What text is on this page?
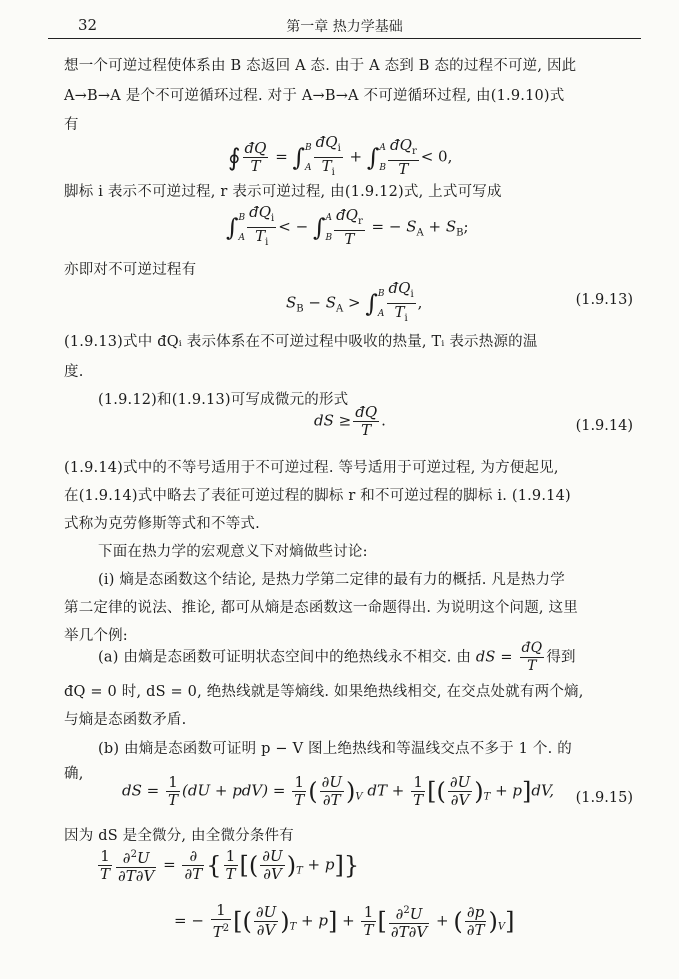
32	第一章 热力学基础
想一个可逆过程使体系由 B 态返回 A 态. 由于 A 态到 B 态的过程不可逆, 因此
A→B→A 是个不可逆循环过程. 对于 A→B→A 不可逆循环过程, 由(1.9.10)式
有
∮ $\frac{đQ}{T} = \int B$

A $\frac{đQ_i}{T_i} + \int A$

B $\frac{đQ_r}{T} < 0$,
脚标 i 表示不可逆过程, r 表示可逆过程, 由(1.9.12)式, 上式可写成
∫B

A $\frac{đQ_i}{T_i}$ < − ∫A

B $\frac{đQ_r}{T}$ = − $S_A + S_B$;
亦即对不可逆过程有
$S_B - S_A > \int B$

A $\frac{đQ_i}{T_i}$ ,	(1.9.13)
(1.9.13)式中 đQᵢ 表示体系在不可逆过程中吸收的热量, Tᵢ 表示热源的温
度.
(1.9.12)和(1.9.13)可写成微元的形式
dS ≥ $\frac{đQ}{T}$ .	(1.9.14)
(1.9.14)式中的不等号适用于不可逆过程. 等号适用于可逆过程, 为方便起见,
在(1.9.14)式中略去了表征可逆过程的脚标 r 和不可逆过程的脚标 i. (1.9.14)
式称为克劳修斯等式和不等式.
下面在热力学的宏观意义下对熵做些讨论:
(i) 熵是态函数这个结论, 是热力学第二定律的最有力的概括. 凡是热力学
第二定律的说法、推论, 都可从熵是态函数这一命题得出. 为说明这个问题, 这里
举几个例:
(a) 由熵是态函数可证明状态空间中的绝热线永不相交. 由 dS = $\frac{đQ}{T}$ 得到
đQ = 0 时, dS = 0, 绝热线就是等熵线. 如果绝热线相交, 在交点处就有两个熵,
与熵是态函数矛盾.
(b) 由熵是态函数可证明 p − V 图上绝热线和等温线交点不多于 1 个. 的
确,
dS = $\frac{1}{T} (dU + pdV) = \frac{1}{T}$ ( $\frac{\partial U}{\partial T} )_V$ dT + $\frac{1}{T}$ [( $\frac{\partial U}{\partial V} )_T + p]dV$, (1.9.15)
因为 dS 是全微分, 由全微分条件有
$\frac{1}{T} \frac{\partial^2U}{\partial T\partial V} = \frac{\partial}{\partial T}$ { $\frac{1}{T}$ [( $\frac{\partial U}{\partial V} )_T + p$]}
= − $\frac{1}{T^2}$ [( $\frac{\partial U}{\partial V} )_T + p] + \frac{1}{T}$ [ $\frac{\partial^2U}{\partial T\partial V}$ + ( $\frac{\partial p}{\partial T} )_V$]
